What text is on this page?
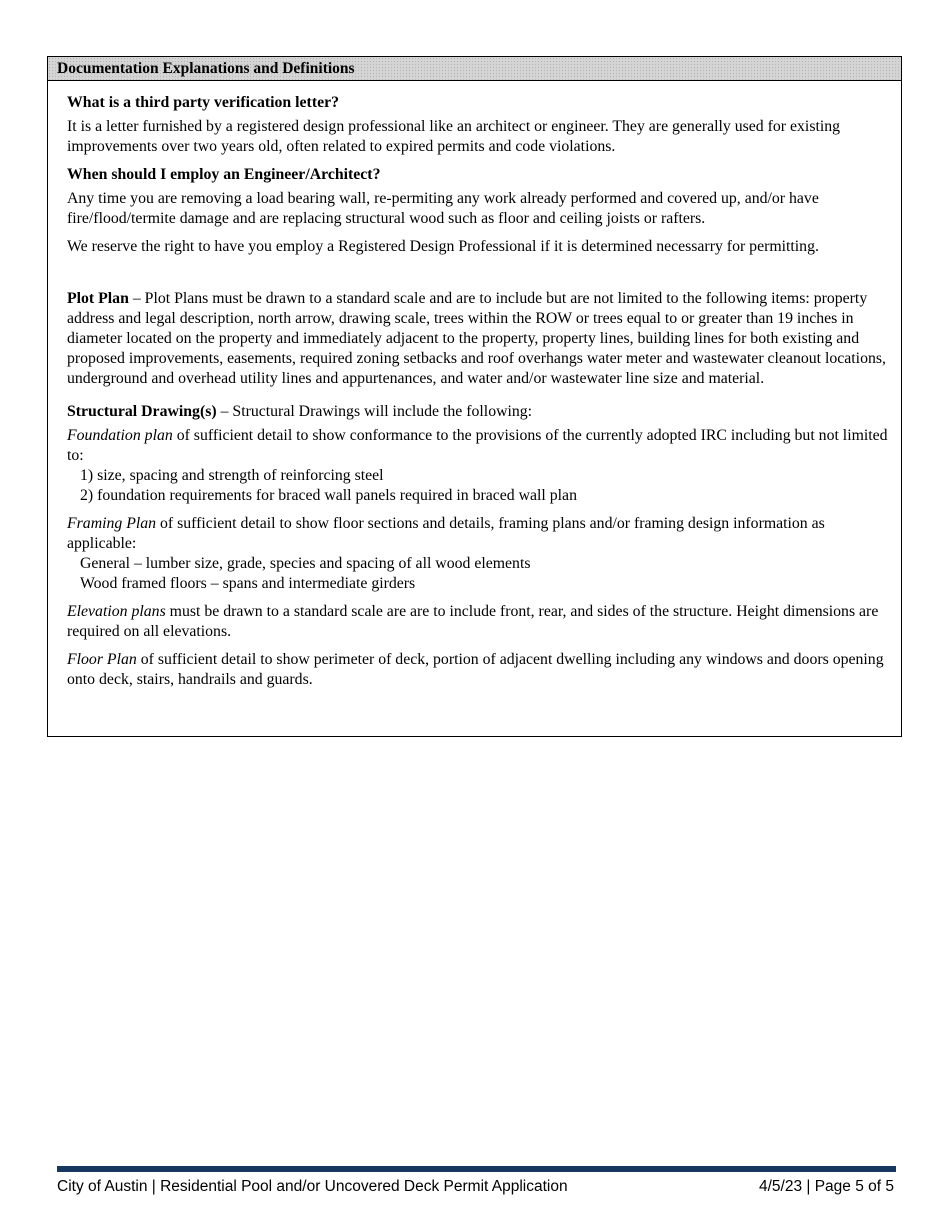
Documentation Explanations and Definitions

What is a third party verification letter?

It is a letter furnished by a registered design professional like an architect or engineer. They are generally used for existing improvements over two years old, often related to expired permits and code violations.

When should I employ an Engineer/Architect?

Any time you are removing a load bearing wall, re-permiting any work already performed and covered up, and/or have fire/flood/termite damage and are replacing structural wood such as floor and ceiling joists or rafters.

We reserve the right to have you employ a Registered Design Professional if it is determined necessarry for permitting.

Plot Plan – Plot Plans must be drawn to a standard scale and are to include but are not limited to the following items: property address and legal description, north arrow, drawing scale, trees within the ROW or trees equal to or greater than 19 inches in diameter located on the property and immediately adjacent to the property, property lines, building lines for both existing and proposed improvements, easements, required zoning setbacks and roof overhangs water meter and wastewater cleanout locations, underground and overhead utility lines and appurtenances, and water and/or wastewater line size and material.

Structural Drawing(s) – Structural Drawings will include the following:

Foundation plan of sufficient detail to show conformance to the provisions of the currently adopted IRC including but not limited to:

1) size, spacing and strength of reinforcing steel

2) foundation requirements for braced wall panels required in braced wall plan

Framing Plan of sufficient detail to show floor sections and details, framing plans and/or framing design information as applicable:

General – lumber size, grade, species and spacing of all wood elements

Wood framed floors – spans and intermediate girders

Elevation plans must be drawn to a standard scale are are to include front, rear, and sides of the structure. Height dimensions are required on all elevations.

Floor Plan of sufficient detail to show perimeter of deck, portion of adjacent dwelling including any windows and doors opening onto deck, stairs, handrails and guards.

City of Austin | Residential Pool and/or Uncovered Deck Permit Application	4/5/23 | Page 5 of 5
